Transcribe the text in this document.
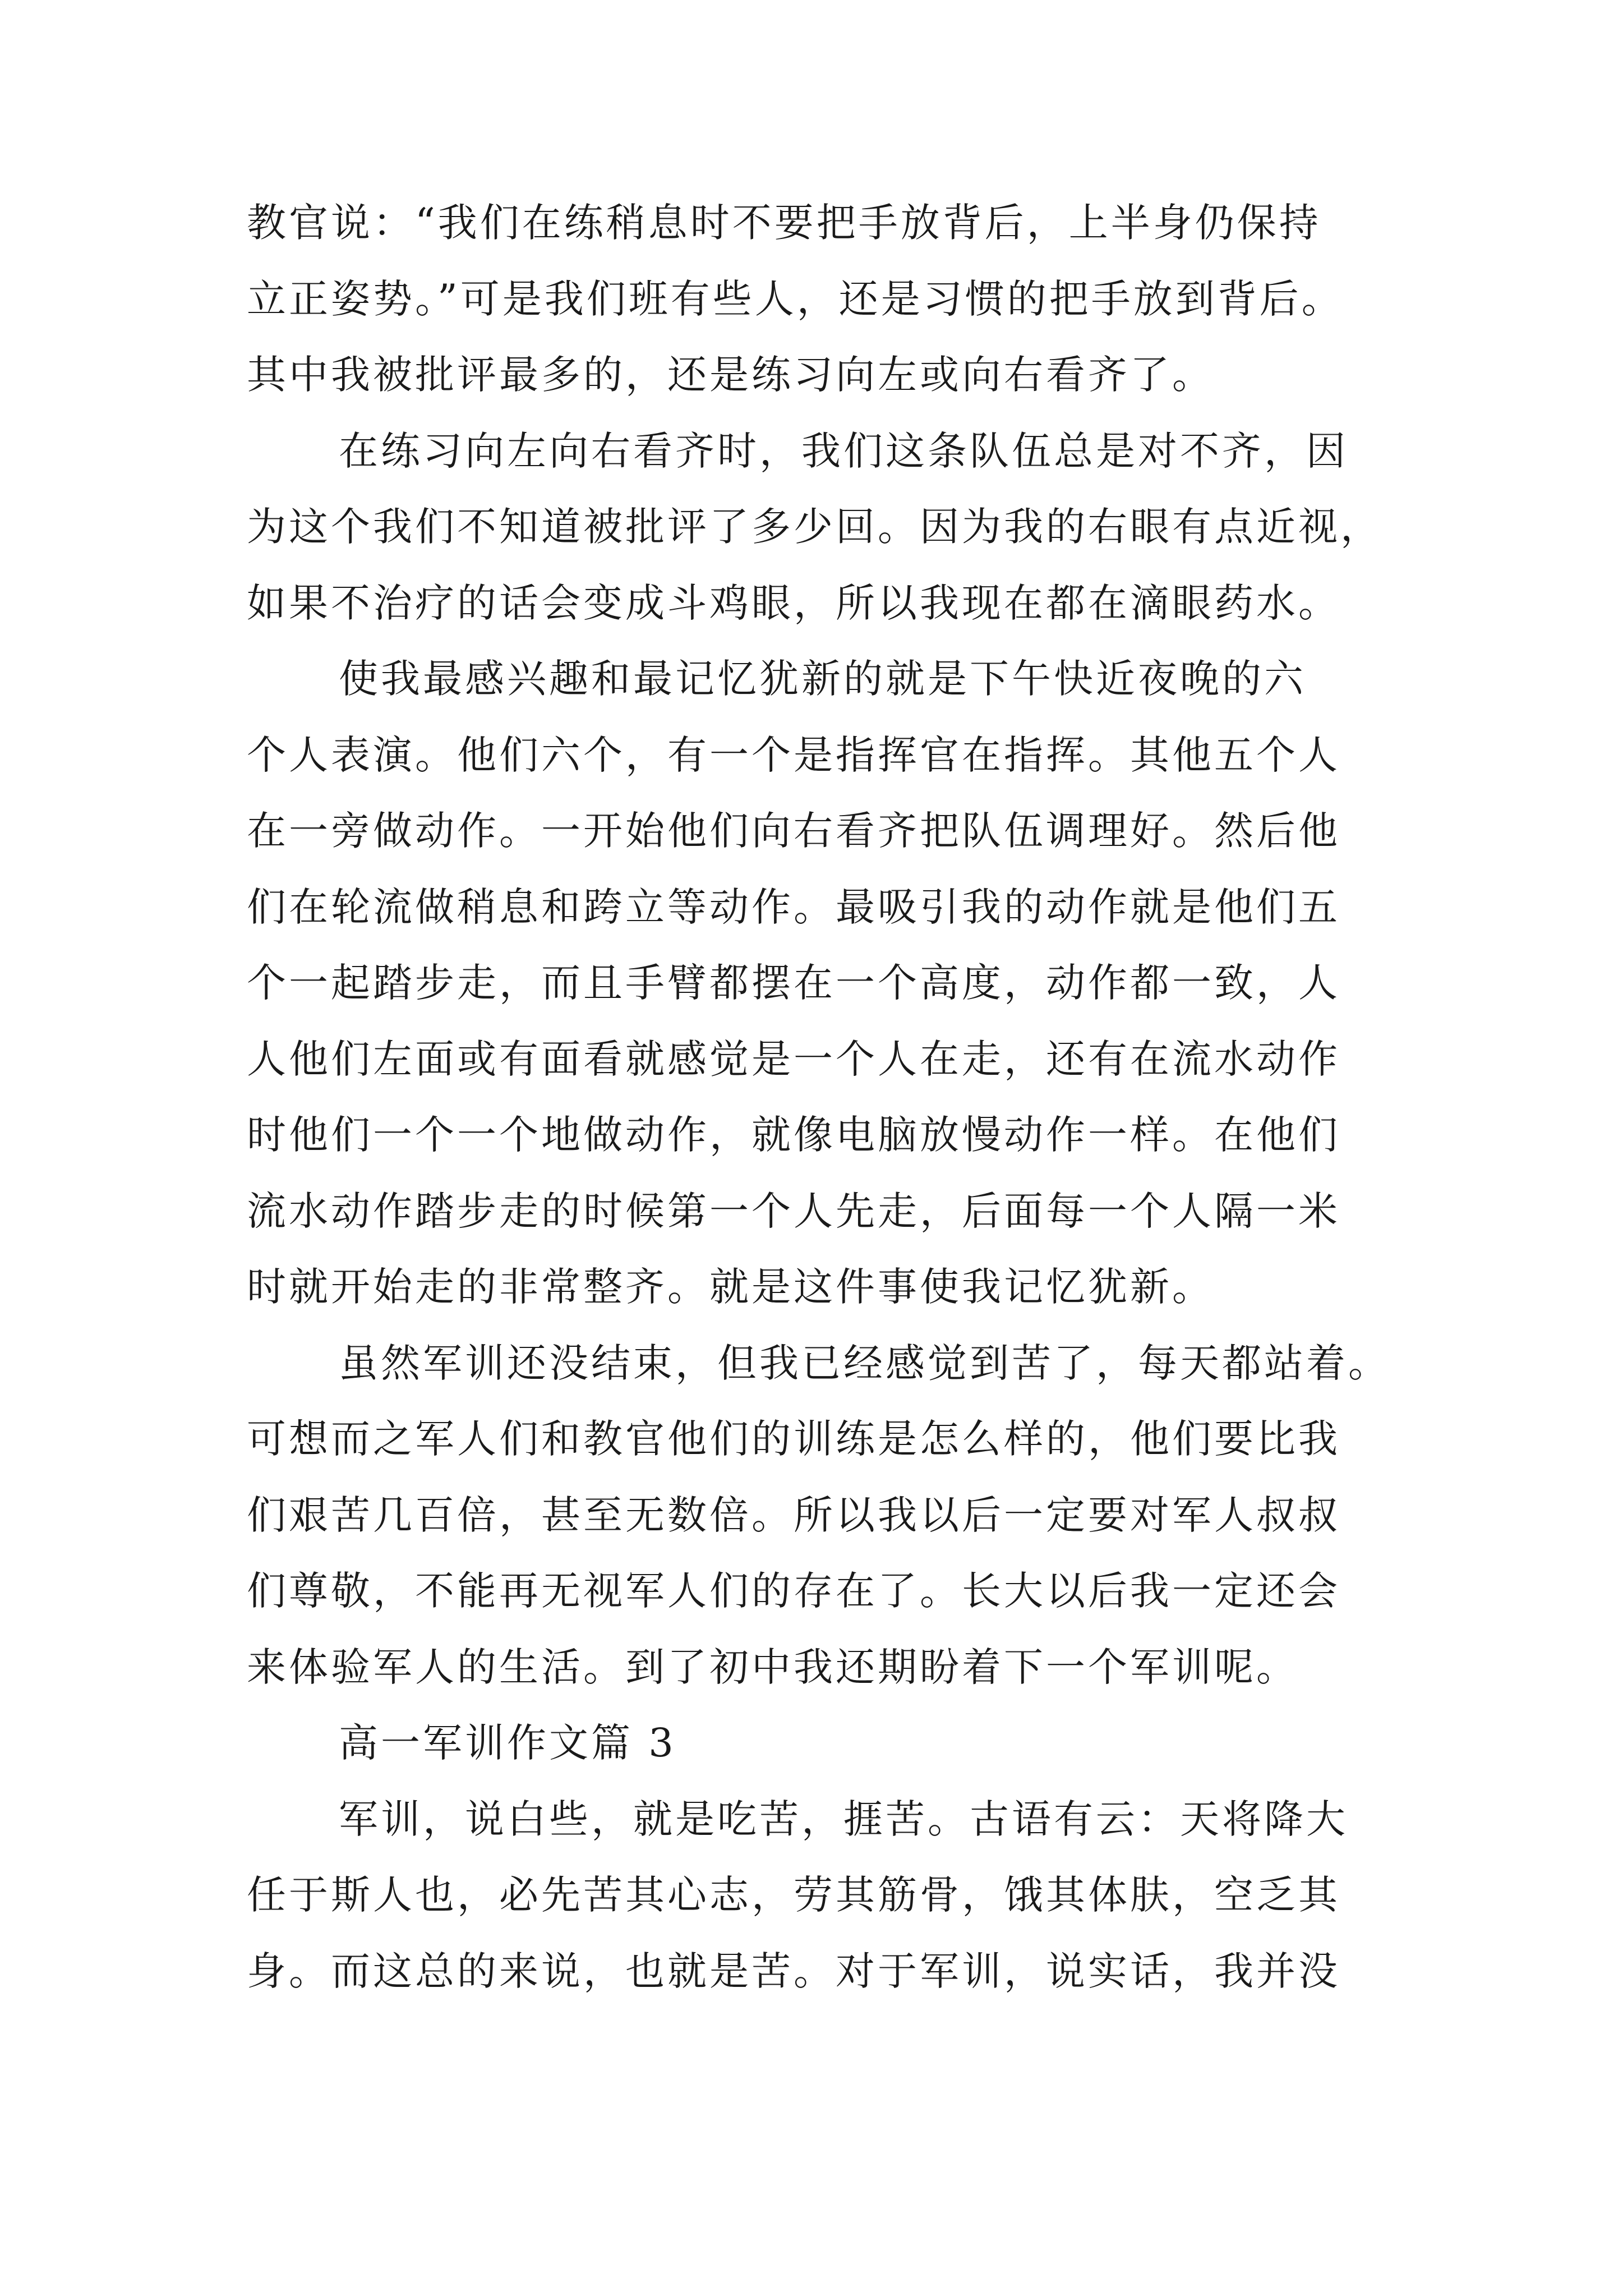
教官说：“我们在练稍息时不要把手放背后，上半身仍保持
立正姿势。”可是我们班有些人，还是习惯的把手放到背后。
其中我被批评最多的，还是练习向左或向右看齐了。
在练习向左向右看齐时，我们这条队伍总是对不齐，因
为这个我们不知道被批评了多少回。因为我的右眼有点近视，
如果不治疗的话会变成斗鸡眼，所以我现在都在滴眼药水。
使我最感兴趣和最记忆犹新的就是下午快近夜晚的六
个人表演。他们六个，有一个是指挥官在指挥。其他五个人
在一旁做动作。一开始他们向右看齐把队伍调理好。然后他
们在轮流做稍息和跨立等动作。最吸引我的动作就是他们五
个一起踏步走，而且手臂都摆在一个高度，动作都一致，人
人他们左面或有面看就感觉是一个人在走，还有在流水动作
时他们一个一个地做动作，就像电脑放慢动作一样。在他们
流水动作踏步走的时候第一个人先走，后面每一个人隔一米
时就开始走的非常整齐。就是这件事使我记忆犹新。
虽然军训还没结束，但我已经感觉到苦了，每天都站着。
可想而之军人们和教官他们的训练是怎么样的，他们要比我
们艰苦几百倍，甚至无数倍。所以我以后一定要对军人叔叔
们尊敬，不能再无视军人们的存在了。长大以后我一定还会
来体验军人的生活。到了初中我还期盼着下一个军训呢。
高一军训作文篇 3
军训，说白些，就是吃苦，捱苦。古语有云：天将降大
任于斯人也，必先苦其心志，劳其筋骨，饿其体肤，空乏其
身。而这总的来说，也就是苦。对于军训，说实话，我并没
